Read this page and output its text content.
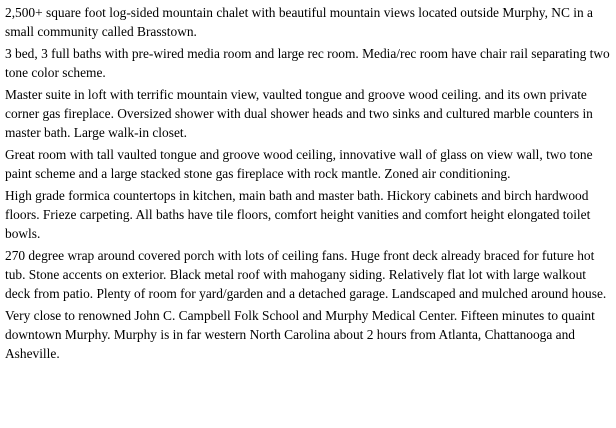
2,500+ square foot log-sided mountain chalet with beautiful mountain views located outside Murphy, NC in a small community called Brasstown.

3 bed, 3 full baths with pre-wired media room and large rec room. Media/rec room have chair rail separating two tone color scheme.

Master suite in loft with terrific mountain view, vaulted tongue and groove wood ceiling. and its own private corner gas fireplace. Oversized shower with dual shower heads and two sinks and cultured marble counters in master bath. Large walk-in closet.

Great room with tall vaulted tongue and groove wood ceiling, innovative wall of glass on view wall, two tone paint scheme and a large stacked stone gas fireplace with rock mantle. Zoned air conditioning.

High grade formica countertops in kitchen, main bath and master bath. Hickory cabinets and birch hardwood floors. Frieze carpeting. All baths have tile floors, comfort height vanities and comfort height elongated toilet bowls.

270 degree wrap around covered porch with lots of ceiling fans. Huge front deck already braced for future hot tub. Stone accents on exterior. Black metal roof with mahogany siding. Relatively flat lot with large walkout deck from patio. Plenty of room for yard/garden and a detached garage. Landscaped and mulched around house.

Very close to renowned John C. Campbell Folk School and Murphy Medical Center. Fifteen minutes to quaint downtown Murphy. Murphy is in far western North Carolina about 2 hours from Atlanta, Chattanooga and Asheville.
